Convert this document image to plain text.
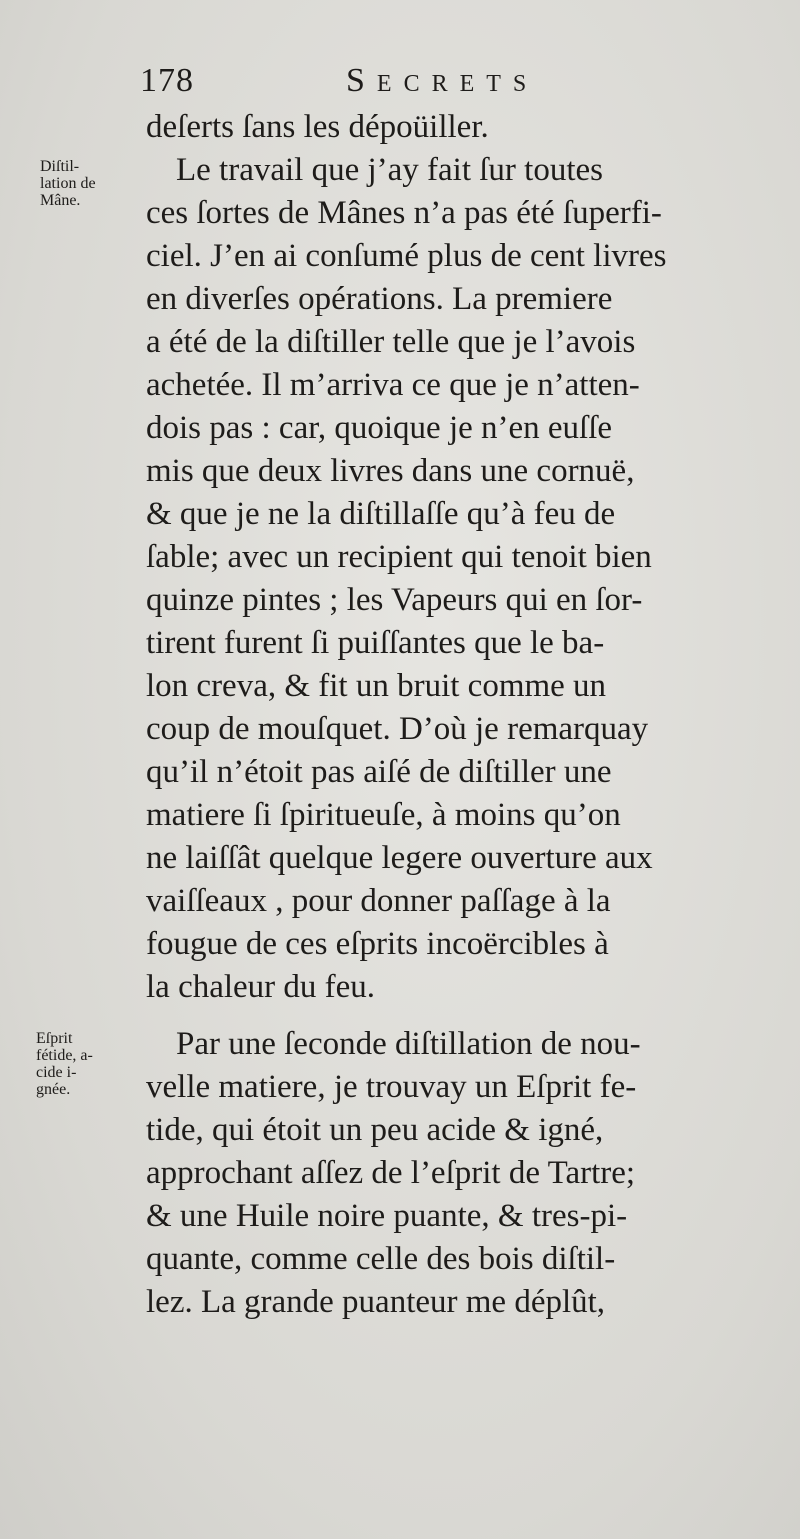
178	Secrets
Diſtil-
lation de
Mâne.
Eſprit
fétide, a-
cide i-
gnée.
deſerts ſans les dépoüiller.
Le travail que j’ay fait ſur toutes
ces ſortes de Mânes n’a pas été ſuperfi-
ciel. J’en ai conſumé plus de cent livres
en diverſes opérations. La premiere
a été de la diſtiller telle que je l’avois
achetée. Il m’arriva ce que je n’atten-
dois pas : car, quoique je n’en euſſe
mis que deux livres dans une cornuë,
& que je ne la diſtillaſſe qu’à feu de
ſable; avec un recipient qui tenoit bien
quinze pintes ; les Vapeurs qui en ſor-
tirent furent ſi puiſſantes que le ba-
lon creva, & fit un bruit comme un
coup de mouſquet. D’où je remarquay
qu’il n’étoit pas aiſé de diſtiller une
matiere ſi ſpiritueuſe, à moins qu’on
ne laiſſât quelque legere ouverture aux
vaiſſeaux , pour donner paſſage à la
fougue de ces eſprits incoërcibles à
la chaleur du feu.
Par une ſeconde diſtillation de nou-
velle matiere, je trouvay un Eſprit fe-
tide, qui étoit un peu acide & igné,
approchant aſſez de l’eſprit de Tartre;
& une Huile noire puante, & tres-pi-
quante, comme celle des bois diſtil-
lez. La grande puanteur me déplût,
